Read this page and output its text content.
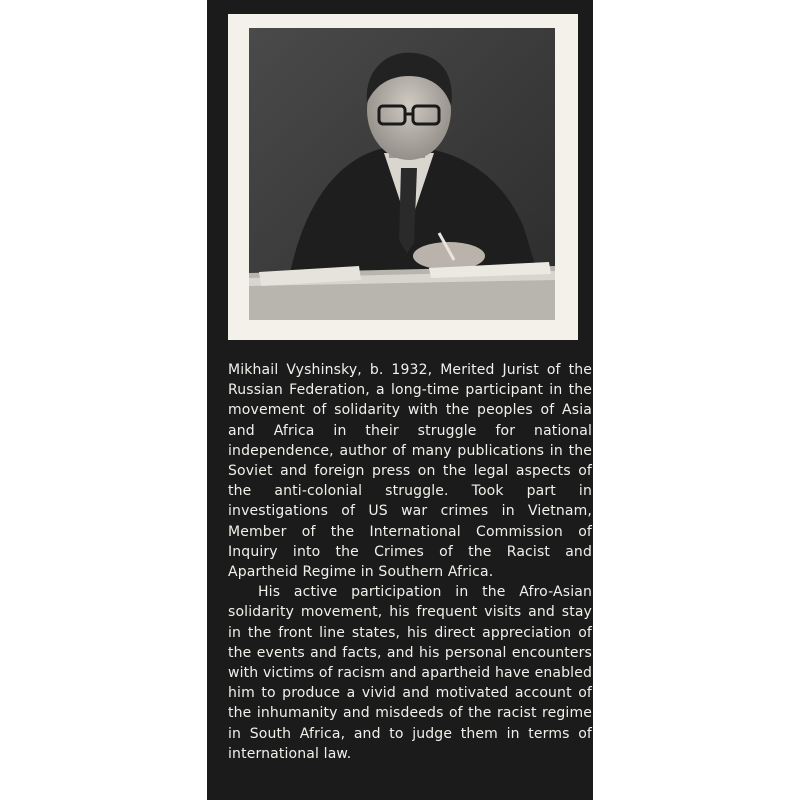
Mikhail Vyshinsky, b. 1932, Merited Jurist of the Russian Federation, a long-time participant in the movement of solidarity with the peoples of Asia and Africa in their struggle for national independence, author of many publications in the Soviet and foreign press on the legal aspects of the anti-colonial struggle. Took part in investigations of US war crimes in Vietnam, Member of the International Commission of Inquiry into the Crimes of the Racist and Apartheid Regime in Southern Africa.

His active participation in the Afro-Asian solidarity movement, his frequent visits and stay in the front line states, his direct appreciation of the events and facts, and his personal encounters with victims of racism and apartheid have enabled him to produce a vivid and motivated account of the inhumanity and misdeeds of the racist regime in South Africa, and to judge them in terms of international law.
